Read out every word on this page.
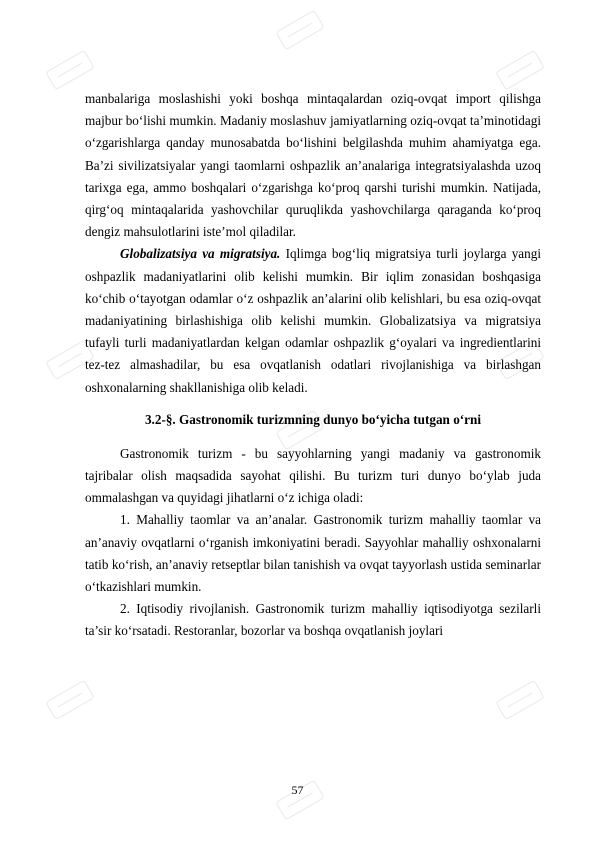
manbalariga moslashishi yoki boshqa mintaqalardan oziq-ovqat import qilishga majbur bo‘lishi mumkin. Madaniy moslashuv jamiyatlarning oziq-ovqat ta’minotidagi o‘zgarishlarga qanday munosabatda bo‘lishini belgilashda muhim ahamiyatga ega. Ba’zi sivilizatsiyalar yangi taomlarni oshpazlik an’analariga integratsiyalashda uzoq tarixga ega, ammo boshqalari o‘zgarishga ko‘proq qarshi turishi mumkin. Natijada, qirg‘oq mintaqalarida yashovchilar quruqlikda yashovchilarga qaraganda ko‘proq dengiz mahsulotlarini iste’mol qiladilar.

Globalizatsiya va migratsiya. Iqlimga bog‘liq migratsiya turli joylarga yangi oshpazlik madaniyatlarini olib kelishi mumkin. Bir iqlim zonasidan boshqasiga ko‘chib o‘tayotgan odamlar o‘z oshpazlik an’alarini olib kelishlari, bu esa oziq-ovqat madaniyatining birlashishiga olib kelishi mumkin. Globalizatsiya va migratsiya tufayli turli madaniyatlardan kelgan odamlar oshpazlik g‘oyalari va ingredientlarini tez-tez almashadilar, bu esa ovqatlanish odatlari rivojlanishiga va birlashgan oshxonalarning shakllanishiga olib keladi.

3.2-§. Gastronomik turizmning dunyo bo‘yicha tutgan o‘rni

Gastronomik turizm - bu sayyohlarning yangi madaniy va gastronomik tajribalar olish maqsadida sayohat qilishi. Bu turizm turi dunyo bo‘ylab juda ommalashgan va quyidagi jihatlarni o‘z ichiga oladi:

1. Mahalliy taomlar va an’analar. Gastronomik turizm mahalliy taomlar va an’anaviy ovqatlarni o‘rganish imkoniyatini beradi. Sayyohlar mahalliy oshxonalarni tatib ko‘rish, an’anaviy retseptlar bilan tanishish va ovqat tayyorlash ustida seminarlar o‘tkazishlari mumkin.

2. Iqtisodiy rivojlanish. Gastronomik turizm mahalliy iqtisodiyotga sezilarli ta’sir ko‘rsatadi. Restoranlar, bozorlar va boshqa ovqatlanish joylari

57
